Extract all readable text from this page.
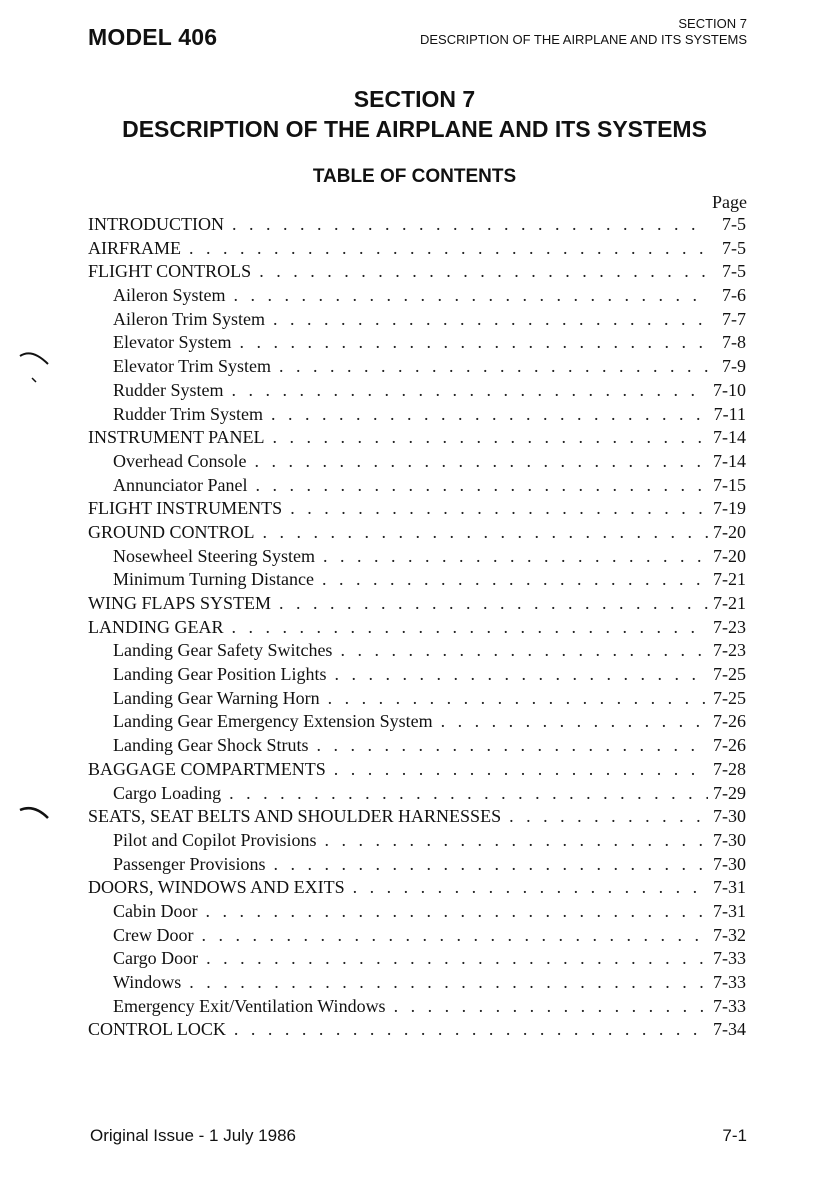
MODEL 406
SECTION 7
DESCRIPTION OF THE AIRPLANE AND ITS SYSTEMS
SECTION 7
DESCRIPTION OF THE AIRPLANE AND ITS SYSTEMS
TABLE OF CONTENTS
Page
INTRODUCTION . . .	7-5
AIRFRAME . . .	7-5
FLIGHT CONTROLS . . .	7-5
Aileron System . . .	7-6
Aileron Trim System . . .	7-7
Elevator System . . .	7-8
Elevator Trim System . . .	7-9
Rudder System . . .	7-10
Rudder Trim System . . .	7-11
INSTRUMENT PANEL . . .	7-14
Overhead Console . . .	7-14
Annunciator Panel . . .	7-15
FLIGHT INSTRUMENTS . . .	7-19
GROUND CONTROL . . .	7-20
Nosewheel Steering System . . .	7-20
Minimum Turning Distance . . .	7-21
WING FLAPS SYSTEM . . .	7-21
LANDING GEAR . . .	7-23
Landing Gear Safety Switches . . .	7-23
Landing Gear Position Lights . . .	7-25
Landing Gear Warning Horn . . .	7-25
Landing Gear Emergency Extension System . . .	7-26
Landing Gear Shock Struts . . .	7-26
BAGGAGE COMPARTMENTS . . .	7-28
Cargo Loading . . .	7-29
SEATS, SEAT BELTS AND SHOULDER HARNESSES . . .	7-30
Pilot and Copilot Provisions . . .	7-30
Passenger Provisions . . .	7-30
DOORS, WINDOWS AND EXITS . . .	7-31
Cabin Door . . .	7-31
Crew Door . . .	7-32
Cargo Door . . .	7-33
Windows . . .	7-33
Emergency Exit/Ventilation Windows . . .	7-33
CONTROL LOCK . . .	7-34
Original Issue - 1 July 1986	7-1
